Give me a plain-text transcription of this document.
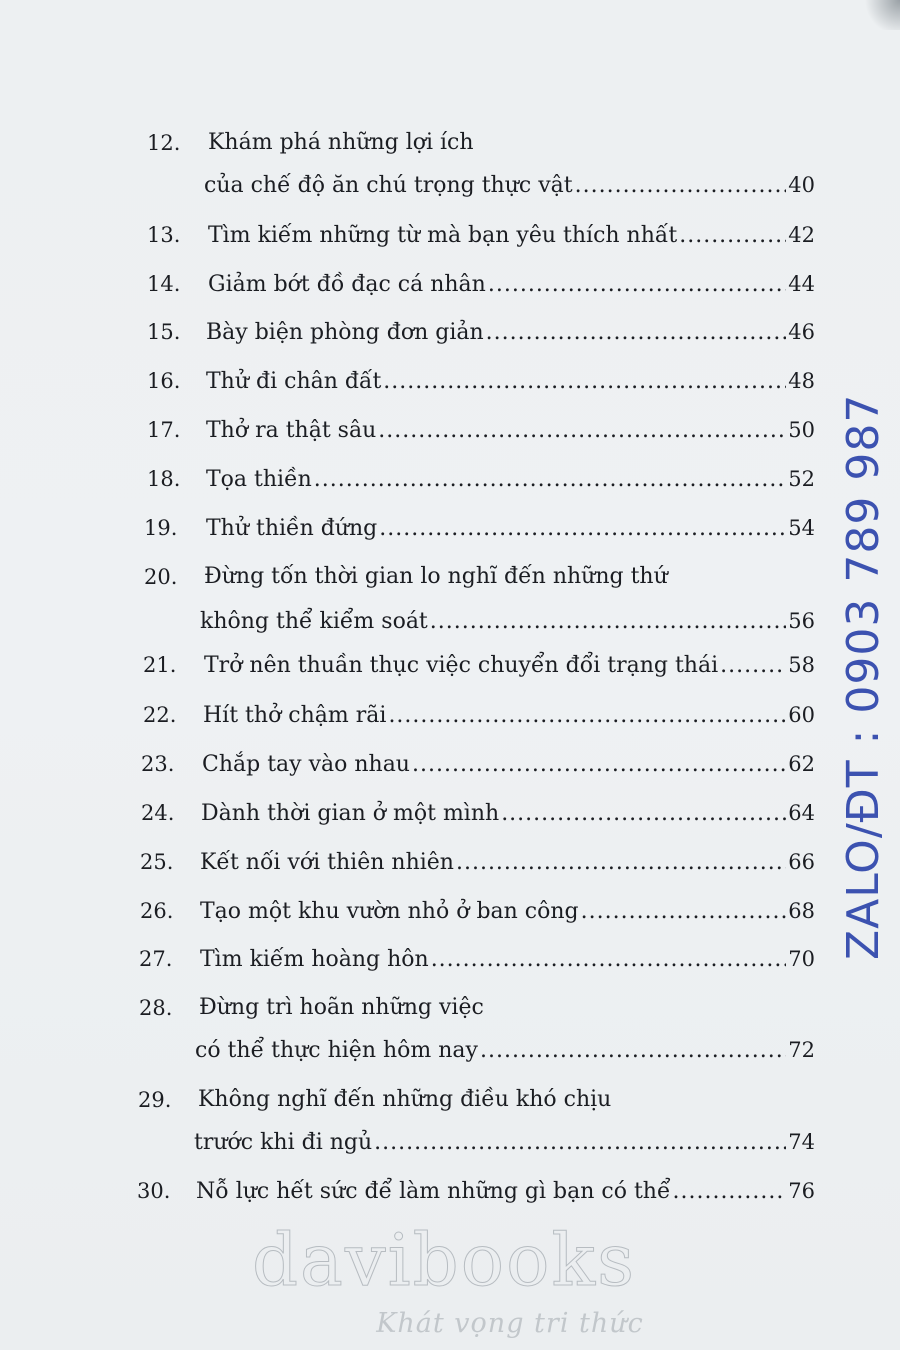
12.	Khám phá những lợi ích
của chế độ ăn chú trọng thực vật .....	40
13.	Tìm kiếm những từ mà bạn yêu thích nhất .....	42
14.	Giảm bớt đồ đạc cá nhân .....	44
15.	Bày biện phòng đơn giản .....	46
16.	Thử đi chân đất .....	48
17.	Thở ra thật sâu .....	50
18.	Tọa thiền .....	52
19.	Thử thiền đứng .....	54
20.	Đừng tốn thời gian lo nghĩ đến những thứ
không thể kiểm soát .....	56
21.	Trở nên thuần thục việc chuyển đổi trạng thái .....	58
22.	Hít thở chậm rãi .....	60
23.	Chắp tay vào nhau .....	62
24.	Dành thời gian ở một mình .....	64
25.	Kết nối với thiên nhiên .....	66
26.	Tạo một khu vườn nhỏ ở ban công .....	68
27.	Tìm kiếm hoàng hôn .....	70
28.	Đừng trì hoãn những việc
có thể thực hiện hôm nay .....	72
29.	Không nghĩ đến những điều khó chịu
trước khi đi ngủ .....	74
30.	Nỗ lực hết sức để làm những gì bạn có thể .....	76
davibooks
Khát vọng tri thức
ZALO/ĐT : 0903 789 987
